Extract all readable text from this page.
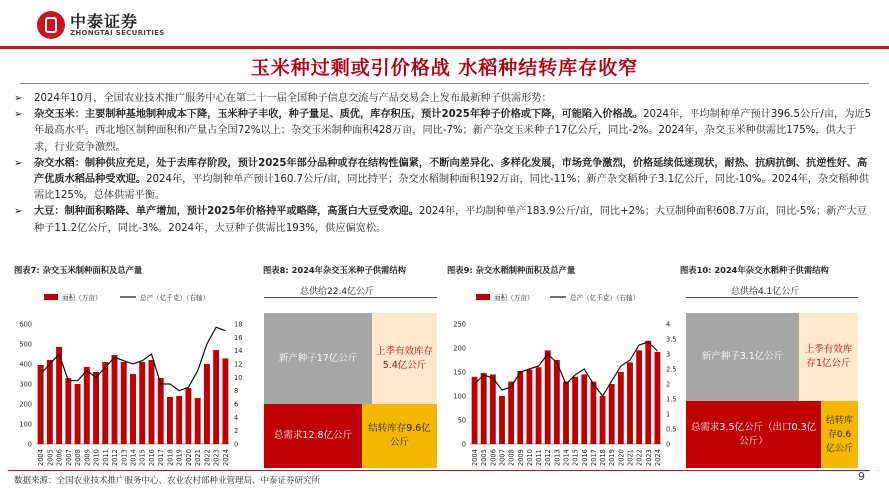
中泰证券
ZHONGTAI SECURITIES
玉米种过剩或引价格战 水稻种结转库存收窄
➢ 2024年10月，全国农业技术推广服务中心在第二十一届全国种子信息交流与产品交易会上发布最新种子供需形势：
➢ 杂交玉米：主要制种基地制种成本下降，玉米种子丰收，种子量足、质优，库存积压，预计2025年种子价格或下降，可能陷入价格战。2024年，平均制种单产预计396.5公斤/亩，为近5年最高水平。西北地区制种面积和产量占全国72%以上；杂交玉米制种面积428万亩，同比-7%；新产杂交玉米种子17亿公斤，同比-2%。2024年，杂交玉米种供需比175%，供大于求，行业竞争激烈。
➢ 杂交水稻：制种供应充足，处于去库存阶段，预计2025年部分品种或存在结构性偏紧，不断向差异化、多样化发展，市场竞争激烈，价格延续低迷现状，耐热、抗病抗倒、抗逆性好、高产优质水稻品种受欢迎。2024年，平均制种单产预计160.7公斤/亩，同比持平；杂交水稻制种面积192万亩，同比-11%；新产杂交稻种子3.1亿公斤，同比-10%。2024年，杂交稻种供需比125%，总体供需平衡。
➢ 大豆：制种面积略降、单产增加，预计2025年价格持平或略降，高蛋白大豆受欢迎。2024年，平均制种单产183.9公斤/亩，同比+2%；大豆制种面积608.7万亩，同比-5%；新产大豆种子11.2亿公斤，同比-3%。2024年，大豆种子供需比193%，供应偏宽松。
图表7: 杂交玉米制种面积及总产量
面积（万亩）	总产（亿千克）（右轴）
0
100
200
300
400
500
600
0
2
4
6
8
10
12
14
16
18
2004 2005 2006 2007 2008 2009 2010 2011 2012 2013 2014 2015 2016 2017 2018 2019 2020 2021 2022 2023 2024
图表8: 2024年杂交玉米种子供需结构
总供给22.4亿公斤
新产种子17亿公斤
上季有效库存5.4亿公斤
总需求12.8亿公斤
结转库存9.6亿公斤
图表9: 杂交水稻制种面积及总产量
面积（万亩）	总产（亿千克）（右轴）
0
50
100
150
200
250
0
0.5
1
1.5
2
2.5
3
3.5
4
2004 2005 2006 2007 2008 2009 2010 2011 2012 2013 2014 2015 2016 2017 2018 2019 2020 2021 2022 2023 2024
图表10: 2024年杂交水稻种子供需结构
总供给4.1亿公斤
新产种子3.1亿公斤
上季有效库存1亿公斤
总需求3.5亿公斤（出口0.3亿公斤）
结转库存0.6亿公斤
数据来源：全国农业技术推广服务中心、农业农村部种业管理局、中泰证券研究所	9
